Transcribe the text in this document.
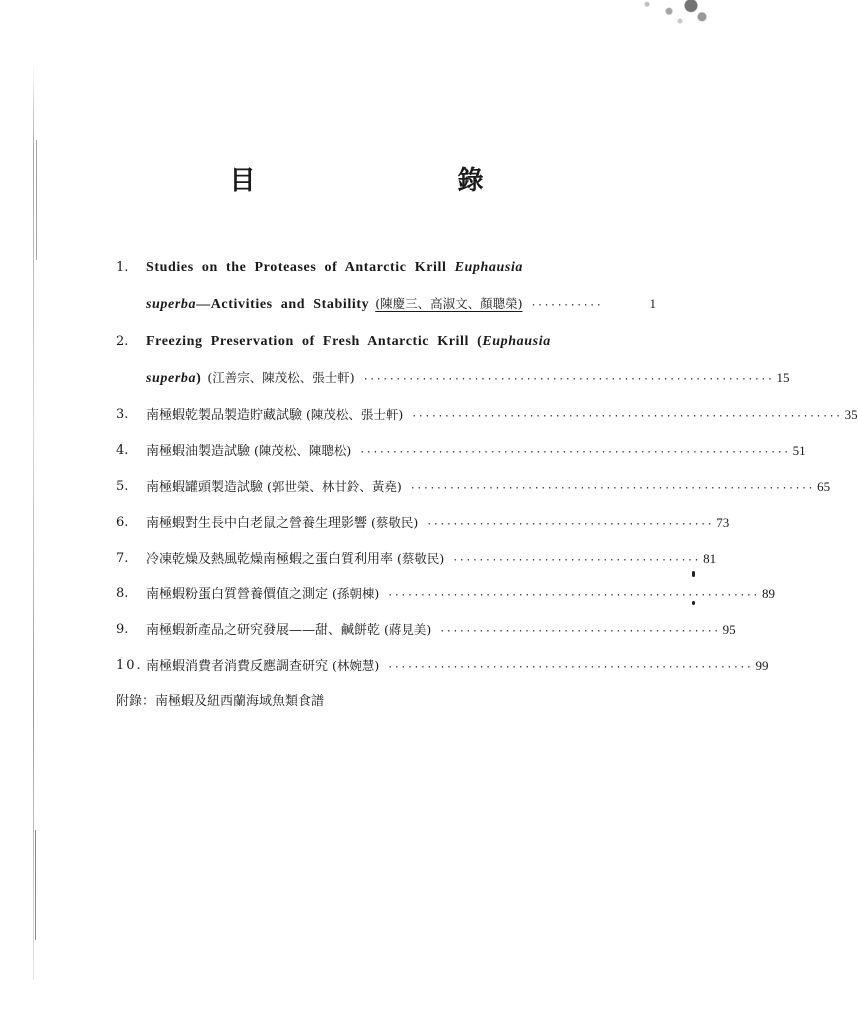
目　　錄
1.	Studies on the Proteases of Antarctic Krill Euphausia
superba—Activities and Stability (陳慶三、高淑文、顏聰榮) ···········	1
2.	Freezing Preservation of Fresh Antarctic Krill (Euphausia
superba) (江善宗、陳茂松、張士軒) ······························································· 15
3.	南極蝦乾製品製造貯藏試驗 (陳茂松、張士軒) ·································································· 35
4.	南極蝦油製造試驗 (陳茂松、陳聰松) ·································································· 51
5.	南極蝦罐頭製造試驗 (郭世榮、林甘鈴、黃堯) ······························································ 65
6.	南極蝦對生長中白老鼠之營養生理影響 (蔡敬民) ············································ 73
7.	冷凍乾燥及熱風乾燥南極蝦之蛋白質利用率 (蔡敬民) ······································ 81
8.	南極蝦粉蛋白質營養價值之測定 (孫朝棟) ························································· 89
9.	南極蝦新產品之研究發展——甜、鹹餅乾 (蔣見美) ··········································· 95
10. 南極蝦消費者消費反應調查研究 (林婉慧) ························································ 99
附錄：南極蝦及紐西蘭海域魚類食譜
